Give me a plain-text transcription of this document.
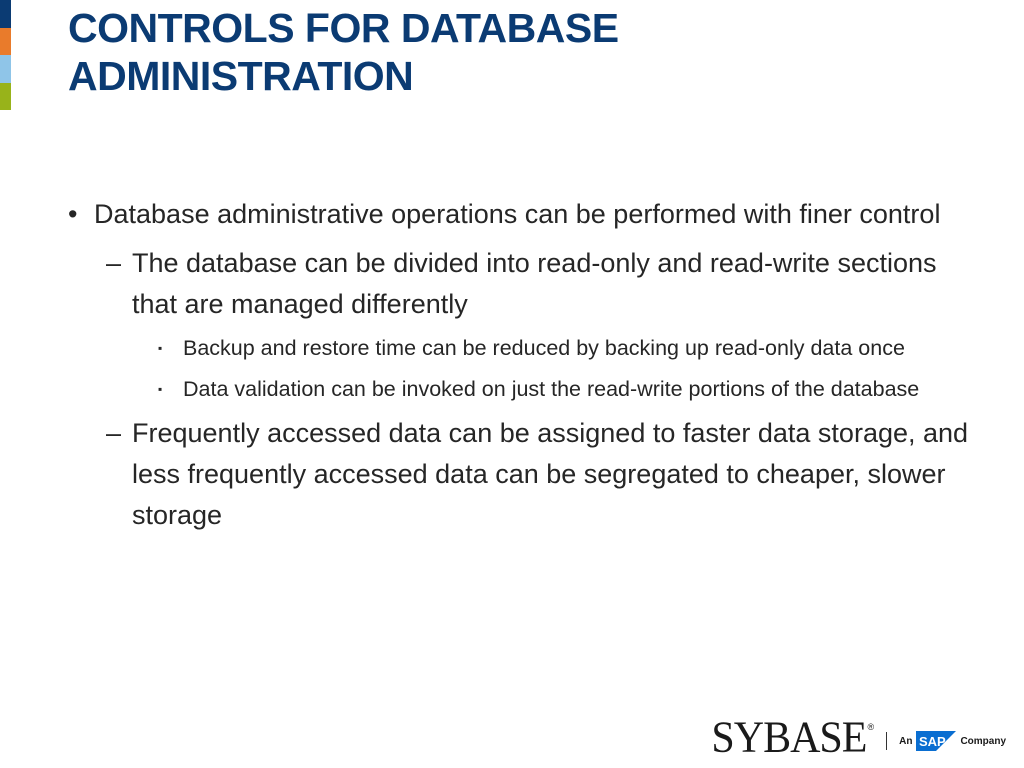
CONTROLS FOR DATABASE
ADMINISTRATION

• Database administrative operations can be performed with finer control

– The database can be divided into read-only and read-write sections that are managed differently

▪ Backup and restore time can be reduced by backing up read-only data once

▪ Data validation can be invoked on just the read-write portions of the database

– Frequently accessed data can be assigned to faster data storage, and less frequently accessed data can be segregated to cheaper, slower storage

SYBASE ®
An SAP Company
